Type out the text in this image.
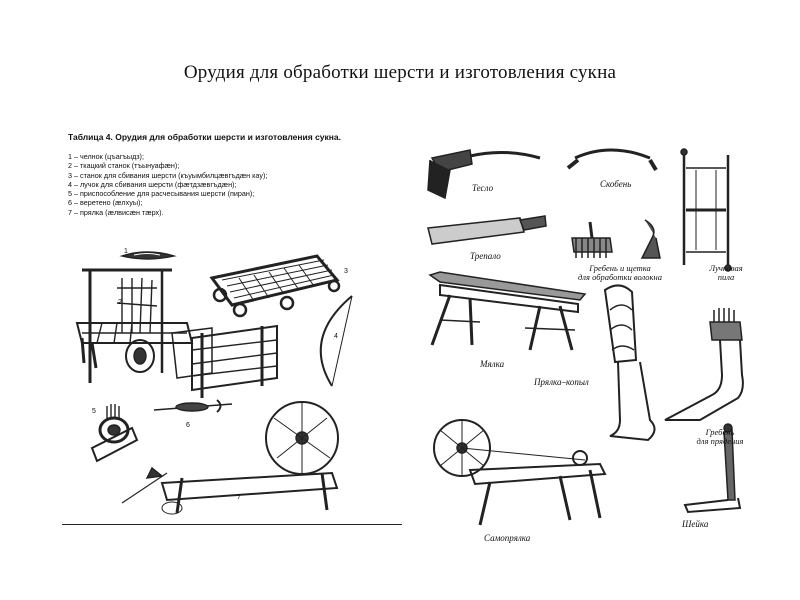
Орудия для обработки шерсти и изготовления сукна
Таблица 4. Орудия для обработки шерсти и изготовления сукна.
1 – челнок (цъагъыдз);
2 – ткацкий станок (тъынуафæн);
3 – станок для сбивания шерсти (къуымбилцæвгъдæн кау);
4 – лучок для сбивания шерсти (фæтдзæвгъдæн);
5 – приспособление для расчесывания шерсти (пиран);
6 – веретено (æлхуы);
7 – прялка (æлвисæн тæрх).
1
2
3
4
5
6
7
Тесло	Скобень
Трепало
Гребень и щетка
для обработки волокна
Лучковая
пила
Мялка
Прялка–копыл
Гребень
для прядения
Самопрялка
Шейка
